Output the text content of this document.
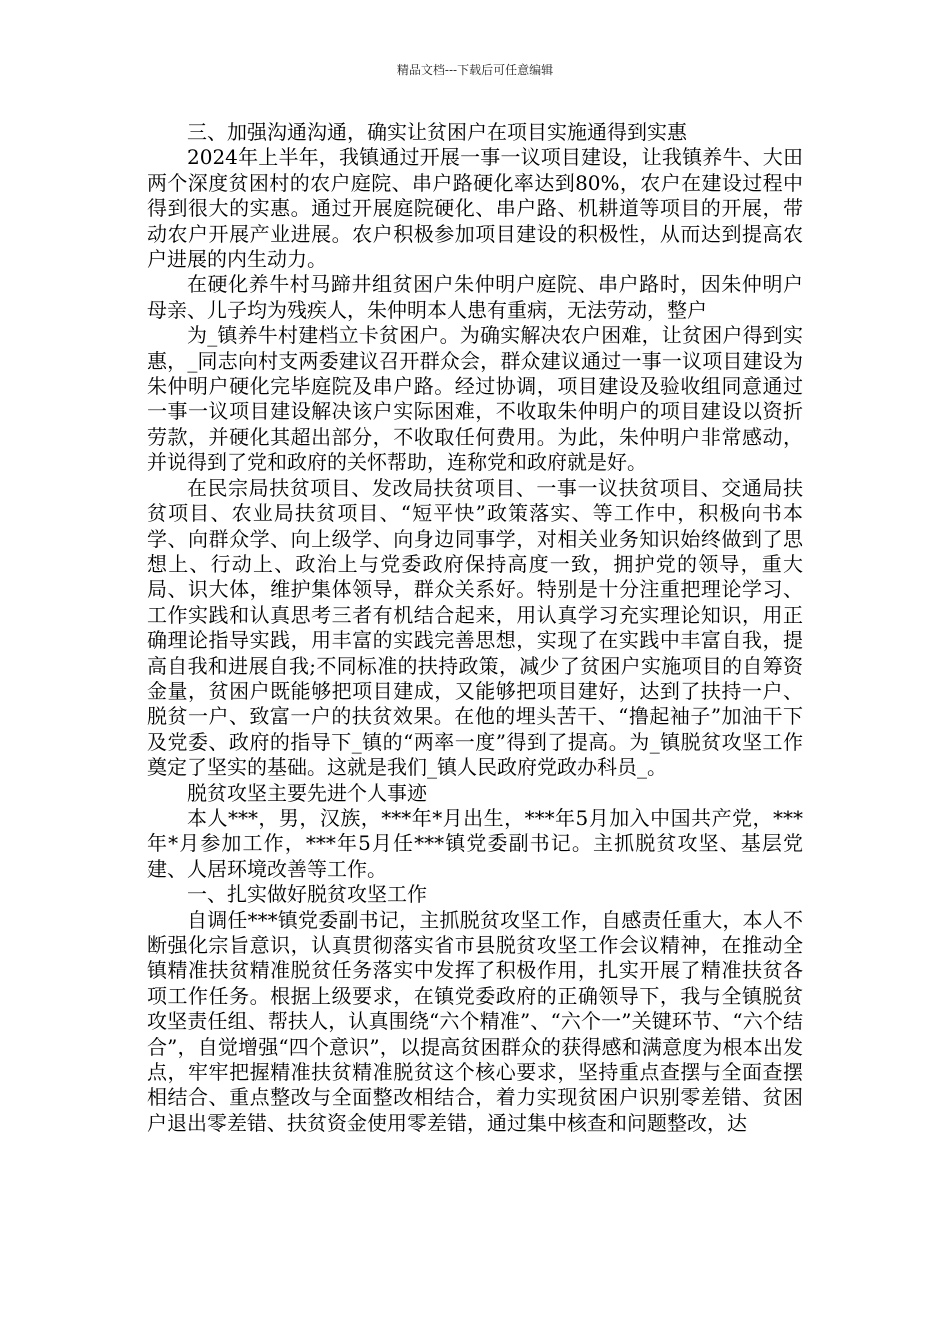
精品文档---下载后可任意编辑

三、加强沟通沟通，确实让贫困户在项目实施通得到实惠

2024年上半年，我镇通过开展一事一议项目建设，让我镇养牛、大田两个深度贫困村的农户庭院、串户路硬化率达到80%，农户在建设过程中得到很大的实惠。通过开展庭院硬化、串户路、机耕道等项目的开展，带动农户开展产业进展。农户积极参加项目建设的积极性，从而达到提高农户进展的内生动力。

在硬化养牛村马蹄井组贫困户朱仲明户庭院、串户路时，因朱仲明户母亲、儿子均为残疾人，朱仲明本人患有重病，无法劳动，整户

为_镇养牛村建档立卡贫困户。为确实解决农户困难，让贫困户得到实惠，_同志向村支两委建议召开群众会，群众建议通过一事一议项目建设为朱仲明户硬化完毕庭院及串户路。经过协调，项目建设及验收组同意通过一事一议项目建设解决该户实际困难，不收取朱仲明户的项目建设以资折劳款，并硬化其超出部分，不收取任何费用。为此，朱仲明户非常感动，并说得到了党和政府的关怀帮助，连称党和政府就是好。

在民宗局扶贫项目、发改局扶贫项目、一事一议扶贫项目、交通局扶贫项目、农业局扶贫项目、“短平快”政策落实、等工作中，积极向书本学、向群众学、向上级学、向身边同事学，对相关业务知识始终做到了思想上、行动上、政治上与党委政府保持高度一致，拥护党的领导，重大局、识大体，维护集体领导，群众关系好。特别是十分注重把理论学习、工作实践和认真思考三者有机结合起来，用认真学习充实理论知识，用正确理论指导实践，用丰富的实践完善思想，实现了在实践中丰富自我，提高自我和进展自我;不同标准的扶持政策，减少了贫困户实施项目的自筹资金量，贫困户既能够把项目建成，又能够把项目建好，达到了扶持一户、脱贫一户、致富一户的扶贫效果。在他的埋头苦干、“撸起袖子”加油干下及党委、政府的指导下_镇的“两率一度”得到了提高。为_镇脱贫攻坚工作奠定了坚实的基础。这就是我们_镇人民政府党政办科员_。

脱贫攻坚主要先进个人事迹

本人***，男，汉族，***年*月出生，***年5月加入中国共产党，***年*月参加工作，***年5月任***镇党委副书记。主抓脱贫攻坚、基层党建、人居环境改善等工作。

一、扎实做好脱贫攻坚工作

自调任***镇党委副书记，主抓脱贫攻坚工作，自感责任重大，本人不断强化宗旨意识，认真贯彻落实省市县脱贫攻坚工作会议精神，在推动全镇精准扶贫精准脱贫任务落实中发挥了积极作用，扎实开展了精准扶贫各项工作任务。根据上级要求，在镇党委政府的正确领导下，我与全镇脱贫攻坚责任组、帮扶人，认真围绕“六个精准”、“六个一”关键环节、“六个结合”，自觉增强“四个意识”，以提高贫困群众的获得感和满意度为根本出发点，牢牢把握精准扶贫精准脱贫这个核心要求，坚持重点查摆与全面查摆相结合、重点整改与全面整改相结合，着力实现贫困户识别零差错、贫困户退出零差错、扶贫资金使用零差错，通过集中核查和问题整改，达
